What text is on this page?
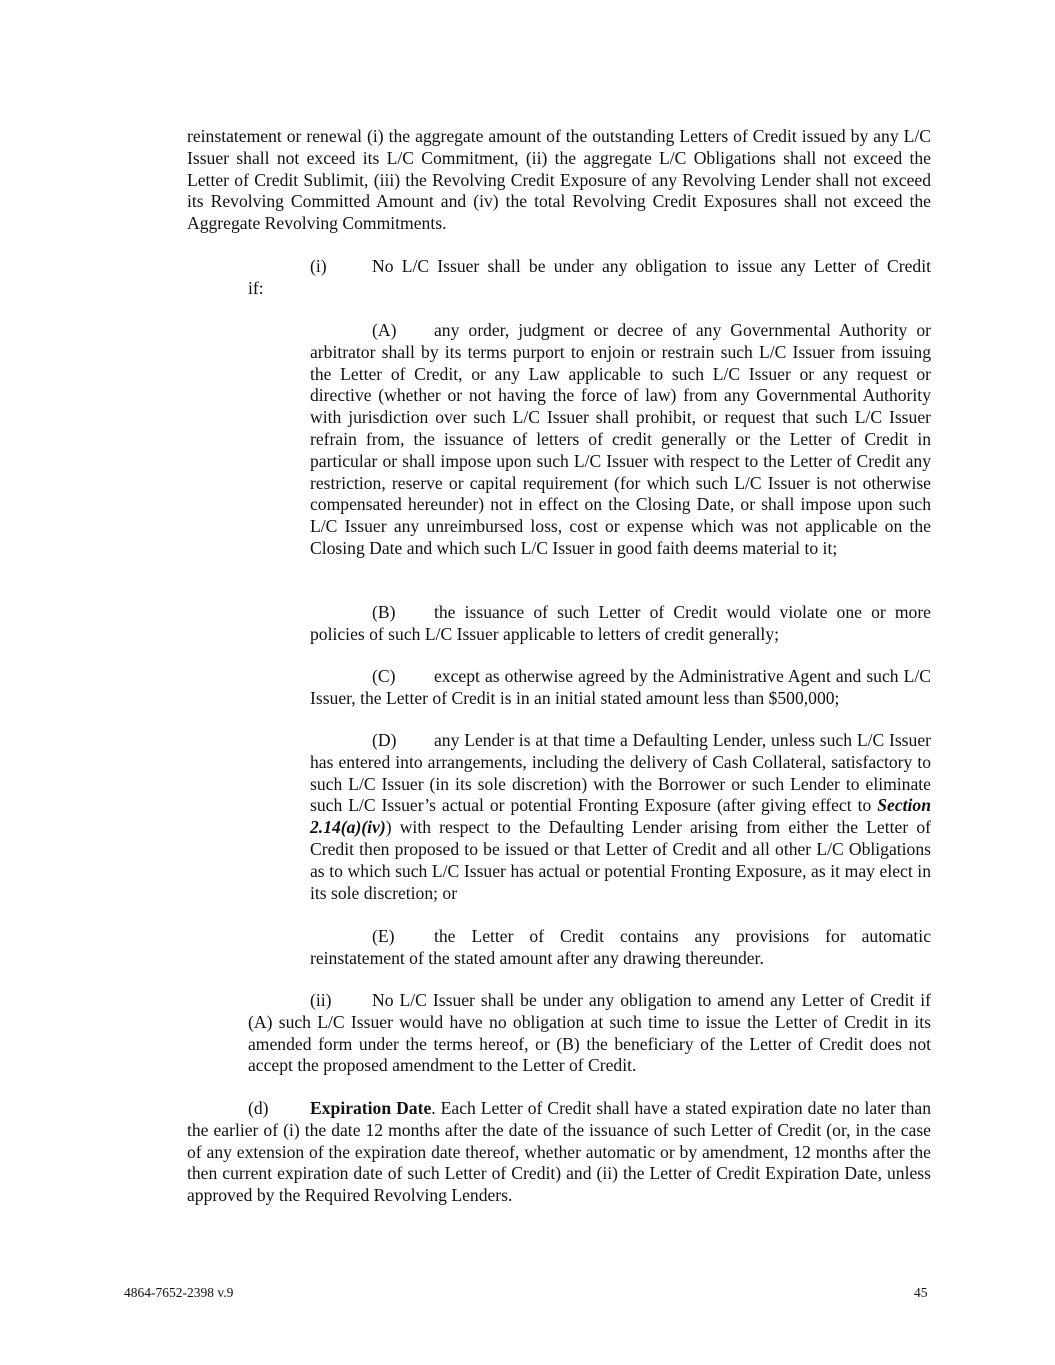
reinstatement or renewal (i) the aggregate amount of the outstanding Letters of Credit issued by any L/C Issuer shall not exceed its L/C Commitment, (ii) the aggregate L/C Obligations shall not exceed the Letter of Credit Sublimit, (iii) the Revolving Credit Exposure of any Revolving Lender shall not exceed its Revolving Committed Amount and (iv) the total Revolving Credit Exposures shall not exceed the Aggregate Revolving Commitments.

(i)	No L/C Issuer shall be under any obligation to issue any Letter of Credit

if:

(A) any order, judgment or decree of any Governmental Authority or arbitrator shall by its terms purport to enjoin or restrain such L/C Issuer from issuing the Letter of Credit, or any Law applicable to such L/C Issuer or any request or directive (whether or not having the force of law) from any Governmental Authority with jurisdiction over such L/C Issuer shall prohibit, or request that such L/C Issuer refrain from, the issuance of letters of credit generally or the Letter of Credit in particular or shall impose upon such L/C Issuer with respect to the Letter of Credit any restriction, reserve or capital requirement (for which such L/C Issuer is not otherwise compensated hereunder) not in effect on the Closing Date, or shall impose upon such L/C Issuer any unreimbursed loss, cost or expense which was not applicable on the Closing Date and which such L/C Issuer in good faith deems material to it;

(B) the issuance of such Letter of Credit would violate one or more policies of such L/C Issuer applicable to letters of credit generally;

(C) except as otherwise agreed by the Administrative Agent and such L/C Issuer, the Letter of Credit is in an initial stated amount less than $500,000;

(D) any Lender is at that time a Defaulting Lender, unless such L/C Issuer has entered into arrangements, including the delivery of Cash Collateral, satisfactory to such L/C Issuer (in its sole discretion) with the Borrower or such Lender to eliminate such L/C Issuer’s actual or potential Fronting Exposure (after giving effect to Section 2.14(a)(iv)) with respect to the Defaulting Lender arising from either the Letter of Credit then proposed to be issued or that Letter of Credit and all other L/C Obligations as to which such L/C Issuer has actual or potential Fronting Exposure, as it may elect in its sole discretion; or

(E) the Letter of Credit contains any provisions for automatic reinstatement of the stated amount after any drawing thereunder.

(ii) No L/C Issuer shall be under any obligation to amend any Letter of Credit if (A) such L/C Issuer would have no obligation at such time to issue the Letter of Credit in its amended form under the terms hereof, or (B) the beneficiary of the Letter of Credit does not accept the proposed amendment to the Letter of Credit.

(d) Expiration Date. Each Letter of Credit shall have a stated expiration date no later than the earlier of (i) the date 12 months after the date of the issuance of such Letter of Credit (or, in the case of any extension of the expiration date thereof, whether automatic or by amendment, 12 months after the then current expiration date of such Letter of Credit) and (ii) the Letter of Credit Expiration Date, unless approved by the Required Revolving Lenders.

4864-7652-2398 v.9	45
